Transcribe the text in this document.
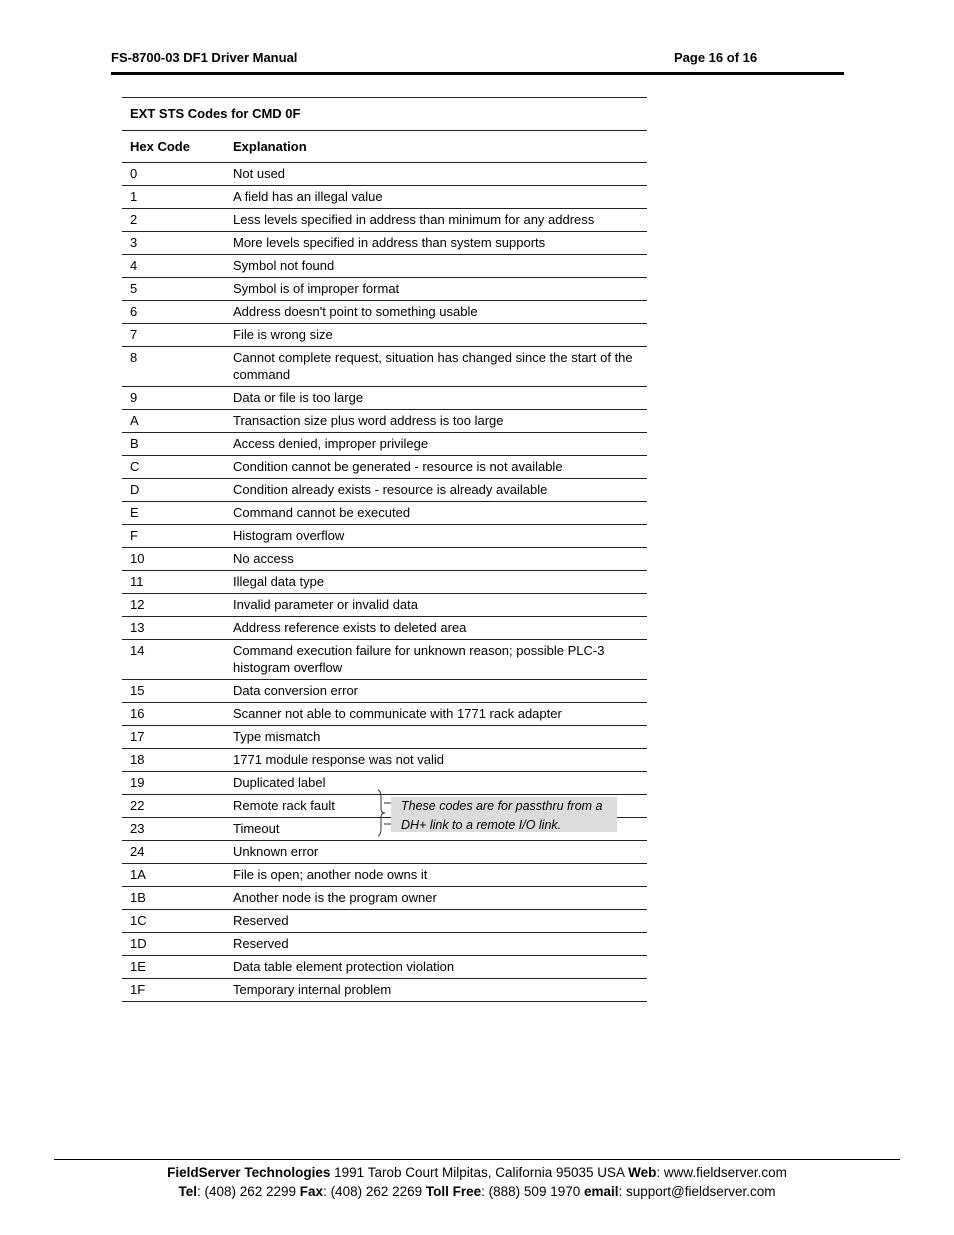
FS-8700-03 DF1 Driver Manual	Page 16 of 16
EXT STS Codes for CMD 0F	
Hex Code	Explanation
0	Not used
1	A field has an illegal value
2	Less levels specified in address than minimum for any address
3	More levels specified in address than system supports
4	Symbol not found
5	Symbol is of improper format
6	Address doesn't point to something usable
7	File is wrong size
8	Cannot complete request, situation has changed since the start of the command
9	Data or file is too large
A	Transaction size plus word address is too large
B	Access denied, improper privilege
C	Condition cannot be generated - resource is not available
D	Condition already exists - resource is already available
E	Command cannot be executed
F	Histogram overflow
10	No access
11	Illegal data type
12	Invalid parameter or invalid data
13	Address reference exists to deleted area
14	Command execution failure for unknown reason; possible PLC-3 histogram overflow
15	Data conversion error
16	Scanner not able to communicate with 1771 rack adapter
17	Type mismatch
18	1771 module response was not valid
19	Duplicated label
22	Remote rack fault
23	Timeout
24	Unknown error
1A	File is open; another node owns it
1B	Another node is the program owner
1C	Reserved
1D	Reserved
1E	Data table element protection violation
1F	Temporary internal problem
These codes are for passthru from a DH+ link to a remote I/O link.
FieldServer Technologies 1991 Tarob Court Milpitas, California 95035 USA Web: www.fieldserver.com
Tel: (408) 262 2299 Fax: (408) 262 2269 Toll Free: (888) 509 1970 email: support@fieldserver.com
